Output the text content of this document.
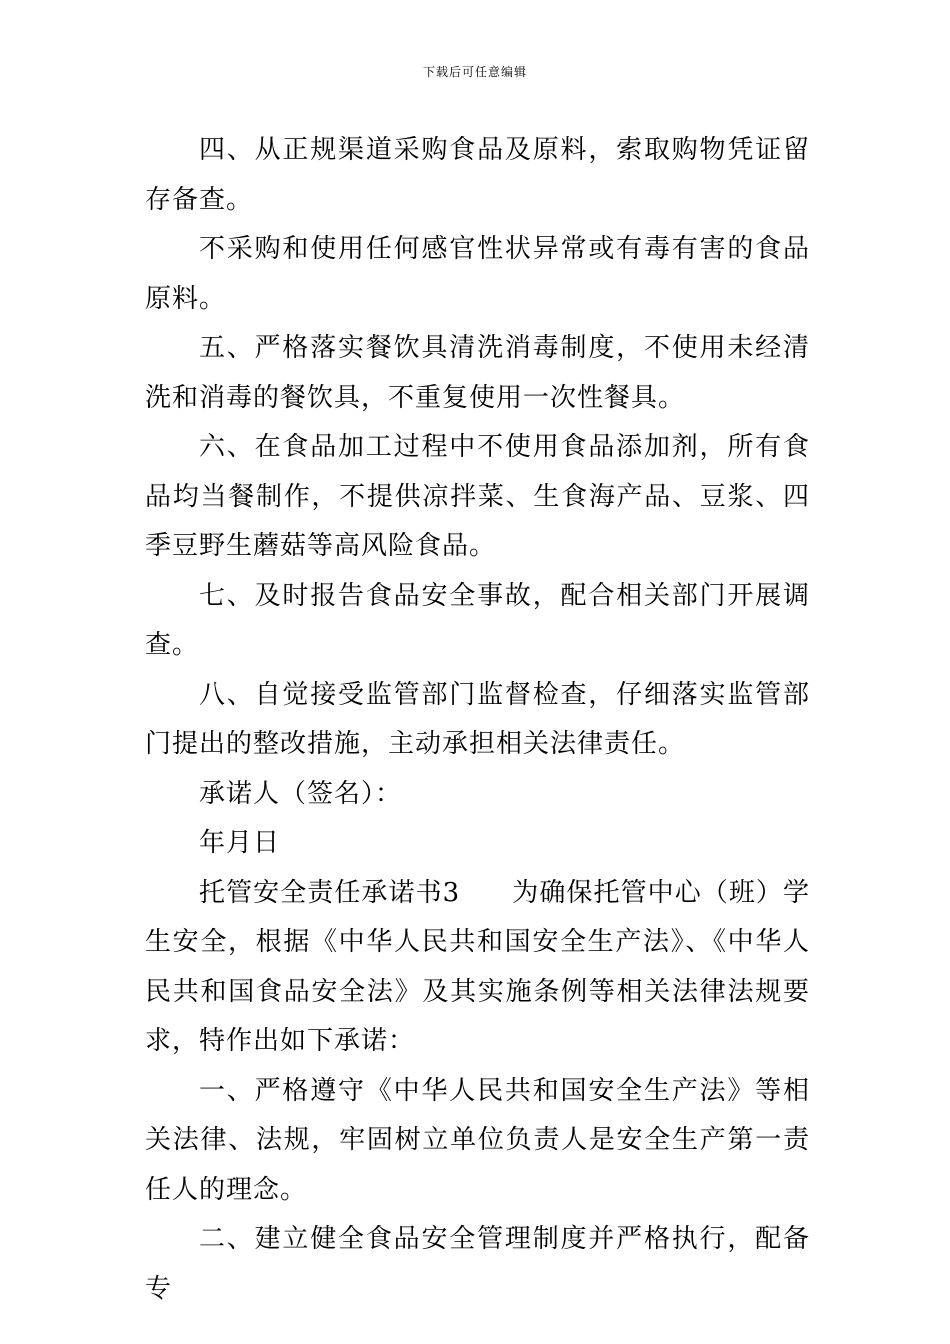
下载后可任意编辑

四、从正规渠道采购食品及原料，索取购物凭证留存备查。

不采购和使用任何感官性状异常或有毒有害的食品原料。

五、严格落实餐饮具清洗消毒制度，不使用未经清洗和消毒的餐饮具，不重复使用一次性餐具。

六、在食品加工过程中不使用食品添加剂，所有食品均当餐制作，不提供凉拌菜、生食海产品、豆浆、四季豆野生蘑菇等高风险食品。

七、及时报告食品安全事故，配合相关部门开展调查。

八、自觉接受监管部门监督检查，仔细落实监管部门提出的整改措施，主动承担相关法律责任。

承诺人（签名）：

年月日

托管安全责任承诺书3 为确保托管中心（班）学生安全，根据《中华人民共和国安全生产法》、《中华人民共和国食品安全法》及其实施条例等相关法律法规要求，特作出如下承诺：

一、严格遵守《中华人民共和国安全生产法》等相关法律、法规，牢固树立单位负责人是安全生产第一责任人的理念。

二、建立健全食品安全管理制度并严格执行，配备专
